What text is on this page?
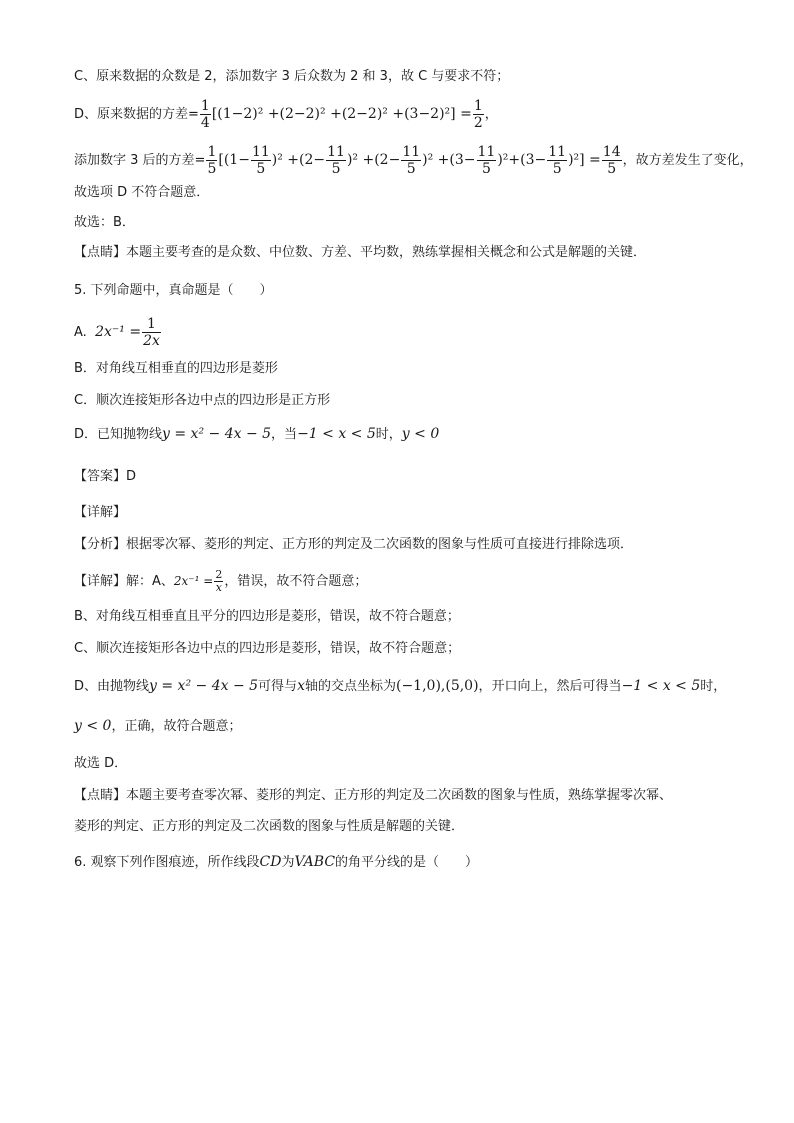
C、原来数据的众数是 2，添加数字 3 后众数为 2 和 3，故 C 与要求不符；
D、原来数据的方差= $\frac{1}{4} [(1-2)^2 +(2-2)^2 +(2-2)^2 +(3-2)^2] = \frac{1}{2}$ ，
添加数字 3 后的方差= $\frac{1}{5} [(1- \frac{11}{5} )^2 +(2- \frac{11}{5} )^2 +(2- \frac{11}{5} )^2 +(3- \frac{11}{5} )^2+(3- \frac{11}{5} )^2] = \frac{14}{5}$ ，故方差发生了变化，
故选项 D 不符合题意．
故选：B．
【点睛】本题主要考查的是众数、中位数、方差、平均数，熟练掌握相关概念和公式是解题的关键．
5. 下列命题中，真命题是（　　）
A. $2x^{-1} = \frac{1}{2x}$
B．对角线互相垂直的四边形是菱形
C．顺次连接矩形各边中点的四边形是正方形
D．已知抛物线y = x² − 4x − 5，当−1 < x < 5时，y < 0
【答案】D
【详解】
【分析】根据零次幂、菱形的判定、正方形的判定及二次函数的图象与性质可直接进行排除选项．
【详解】解：A、$2x^{-1} = \frac{2}{x}$ ，错误，故不符合题意；
B、对角线互相垂直且平分的四边形是菱形，错误，故不符合题意；
C、顺次连接矩形各边中点的四边形是菱形，错误，故不符合题意；
D、由抛物线y = x² − 4x − 5可得与x轴的交点坐标为(−1,0),(5,0)，开口向上，然后可得当−1 < x < 5时，
y < 0，正确，故符合题意；
故选 D．
【点睛】本题主要考查零次幂、菱形的判定、正方形的判定及二次函数的图象与性质，熟练掌握零次幂、
菱形的判定、正方形的判定及二次函数的图象与性质是解题的关键．
6. 观察下列作图痕迹，所作线段CD为VABC的角平分线的是（　　）
